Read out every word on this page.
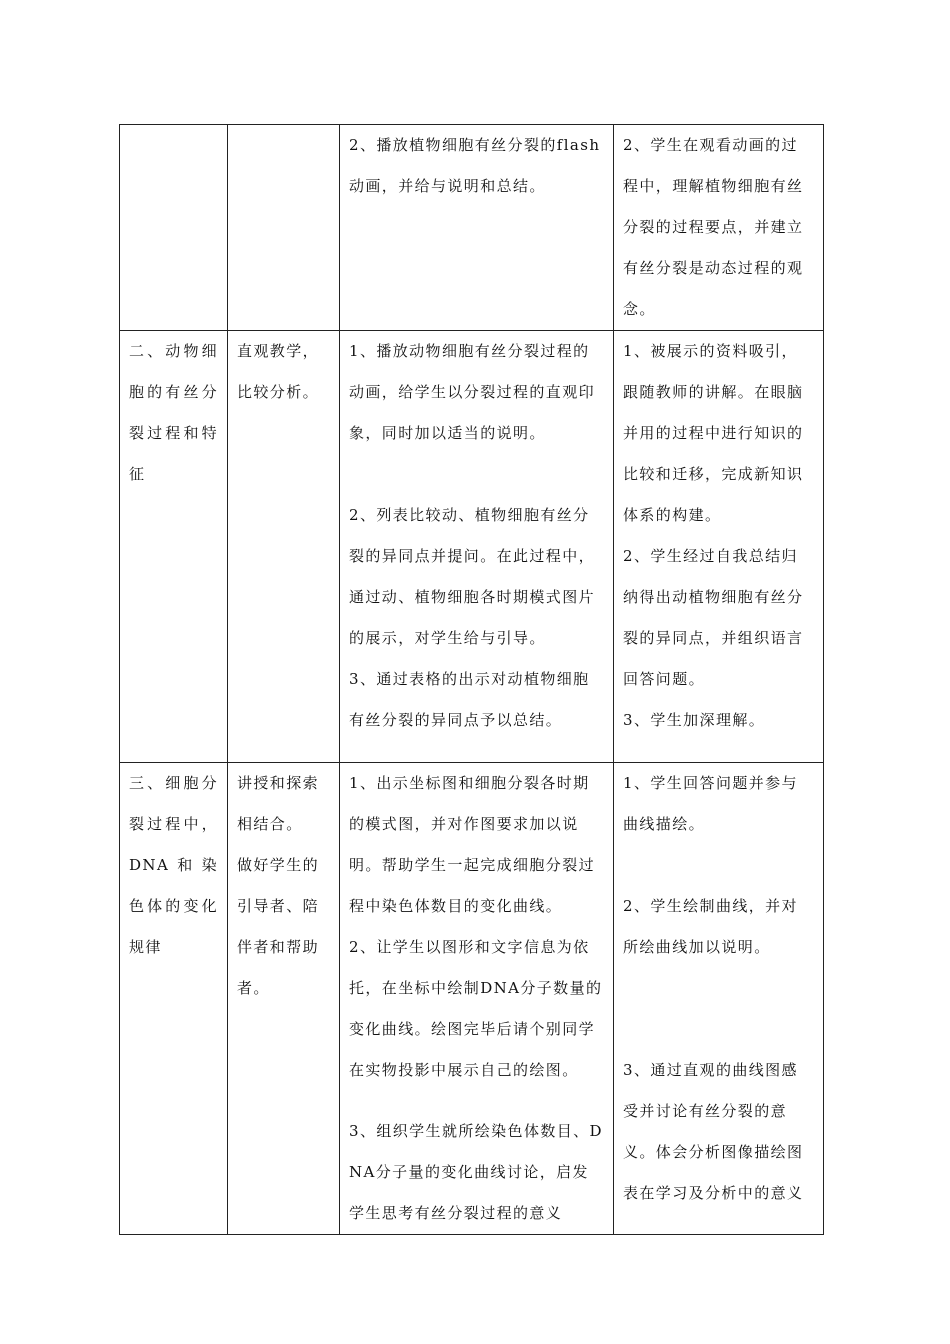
		2、播放植物细胞有丝分裂的flash动画，并给与说明和总结。	2、学生在观看动画的过程中，理解植物细胞有丝分裂的过程要点，并建立有丝分裂是动态过程的观念。

二、动物细胞的有丝分裂过程和特征	直观教学，比较分析。	1、播放动物细胞有丝分裂过程的动画，给学生以分裂过程的直观印象，同时加以适当的说明。
2、列表比较动、植物细胞有丝分裂的异同点并提问。在此过程中，通过动、植物细胞各时期模式图片的展示，对学生给与引导。
3、通过表格的出示对动植物细胞有丝分裂的异同点予以总结。	1、被展示的资料吸引，跟随教师的讲解。在眼脑并用的过程中进行知识的比较和迁移，完成新知识体系的构建。
2、学生经过自我总结归纳得出动植物细胞有丝分裂的异同点，并组织语言回答问题。
3、学生加深理解。

三、细胞分裂过程中，DNA和染色体的变化规律	讲授和探索相结合。
做好学生的引导者、陪伴者和帮助者。	1、出示坐标图和细胞分裂各时期的模式图，并对作图要求加以说明。帮助学生一起完成细胞分裂过程中染色体数目的变化曲线。
2、让学生以图形和文字信息为依托，在坐标中绘制DNA分子数量的变化曲线。绘图完毕后请个别同学在实物投影中展示自己的绘图。
3、组织学生就所绘染色体数目、DNA分子量的变化曲线讨论，启发学生思考有丝分裂过程的意义	1、学生回答问题并参与曲线描绘。
2、学生绘制曲线，并对所绘曲线加以说明。
3、通过直观的曲线图感受并讨论有丝分裂的意义。体会分析图像描绘图表在学习及分析中的意义
